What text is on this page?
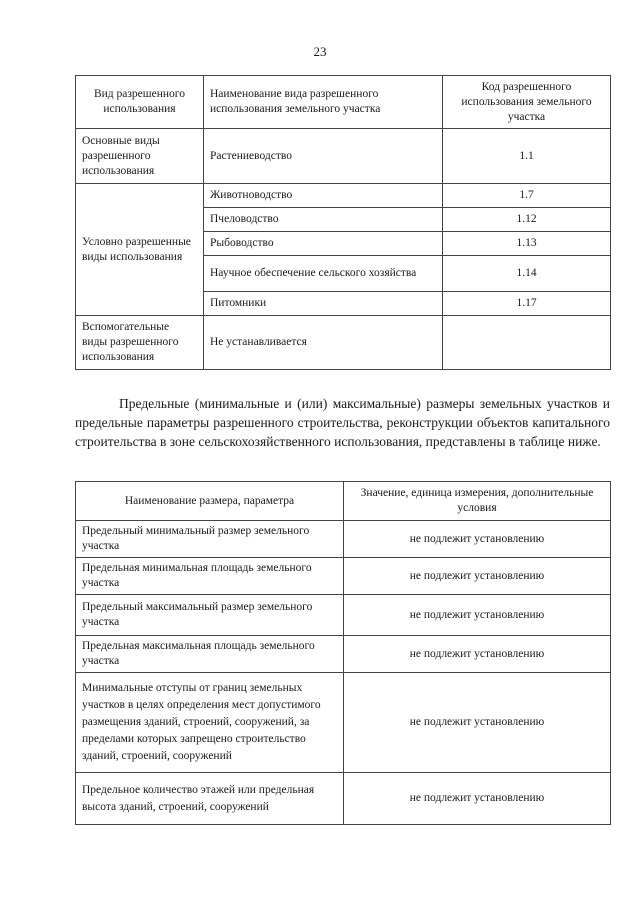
23
Вид разрешенного использования	Наименование вида разрешенного использования земельного участка	Код разрешенного использования земельного участка
Основные виды разрешенного использования	Растениеводство	1.1
Условно разрешенные виды использования	Животноводство	1.7
	Пчеловодство	1.12
	Рыбоводство	1.13
	Научное обеспечение сельского хозяйства	1.14
	Питомники	1.17
Вспомогательные виды разрешенного использования	Не устанавливается	
Предельные (минимальные и (или) максимальные) размеры земельных участков и предельные параметры разрешенного строительства, реконструкции объектов капитального строительства в зоне сельскохозяйственного использования, представлены в таблице ниже.
Наименование размера, параметра	Значение, единица измерения, дополнительные условия
Предельный минимальный размер земельного участка	не подлежит установлению
Предельная минимальная площадь земельного участка	не подлежит установлению
Предельный максимальный размер земельного участка	не подлежит установлению
Предельная максимальная площадь земельного участка	не подлежит установлению
Минимальные отступы от границ земельных участков в целях определения мест допустимого размещения зданий, строений, сооружений, за пределами которых запрещено строительство зданий, строений, сооружений	не подлежит установлению
Предельное количество этажей или предельная высота зданий, строений, сооружений	не подлежит установлению
